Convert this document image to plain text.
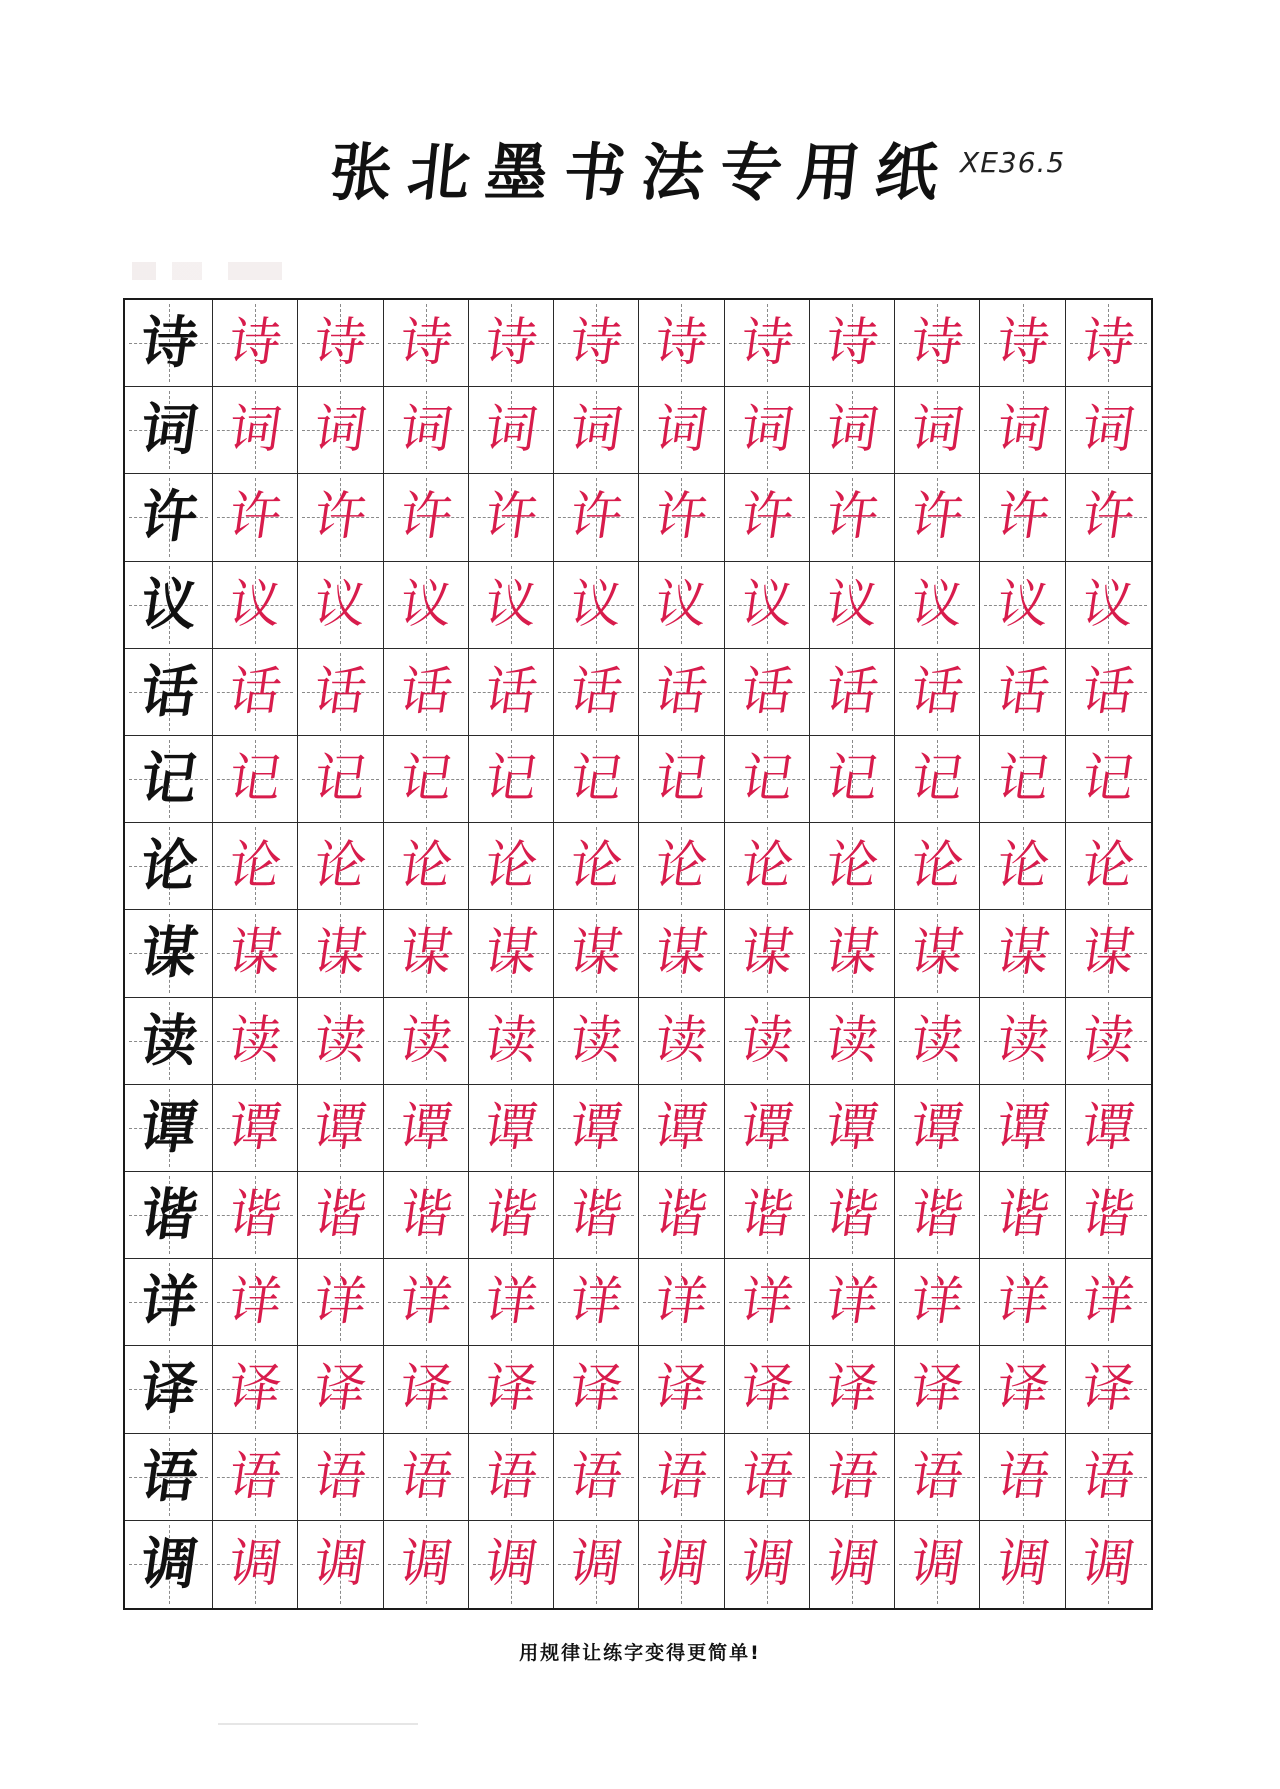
张北墨书法专用纸 XE36.5
诗 诗 诗 诗 诗 诗 诗 诗 诗 诗 诗 诗
词 词 词 词 词 词 词 词 词 词 词 词
许 许 许 许 许 许 许 许 许 许 许 许
议 议 议 议 议 议 议 议 议 议 议 议
话 话 话 话 话 话 话 话 话 话 话 话
记 记 记 记 记 记 记 记 记 记 记 记
论 论 论 论 论 论 论 论 论 论 论 论
谋 谋 谋 谋 谋 谋 谋 谋 谋 谋 谋 谋
读 读 读 读 读 读 读 读 读 读 读 读
谭 谭 谭 谭 谭 谭 谭 谭 谭 谭 谭 谭
谐 谐 谐 谐 谐 谐 谐 谐 谐 谐 谐 谐
详 详 详 详 详 详 详 详 详 详 详 详
译 译 译 译 译 译 译 译 译 译 译 译
语 语 语 语 语 语 语 语 语 语 语 语
调 调 调 调 调 调 调 调 调 调 调 调
用规律让练字变得更简单!
